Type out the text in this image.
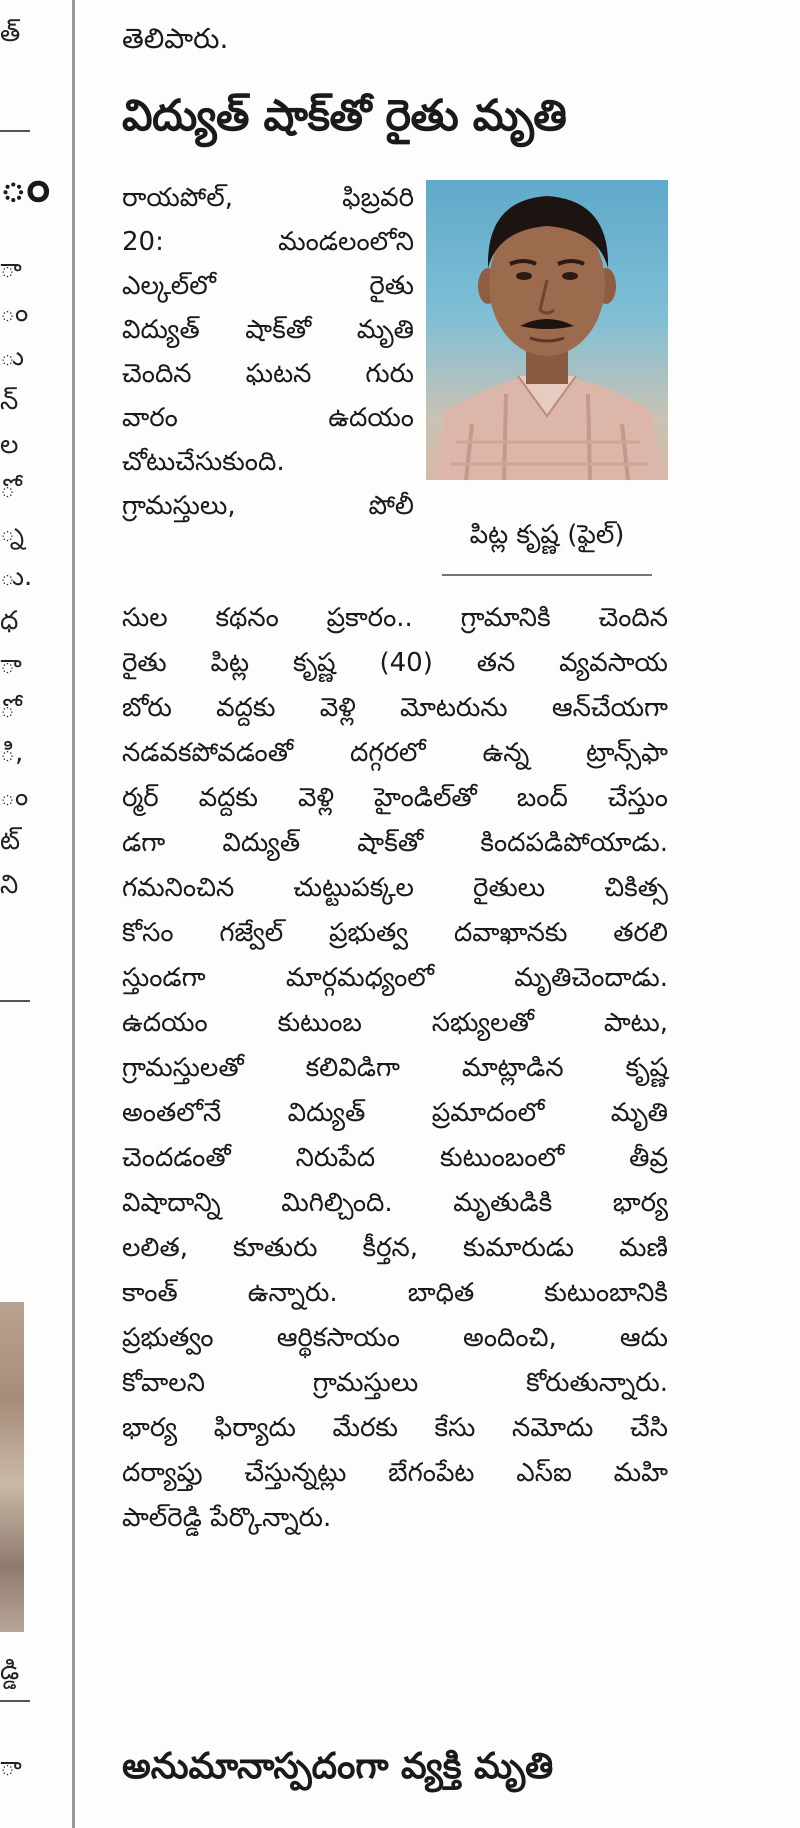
త్
ం
ా
ం
ు
న్
ల
ో
్న
ు.
ధ
ా
ో
ి,
ం
ట్
ని
డ్డి
ా
తెలిపారు.
విద్యుత్ షాక్‌తో రైతు మృతి
రాయపోల్, ఫిబ్రవరి
20: మండలంలోని
ఎల్కల్‌లో రైతు
విద్యుత్ షాక్‌తో మృతి
చెందిన ఘటన గురు
వారం ఉదయం
చోటుచేసుకుంది.
గ్రామస్తులు, పోలీ
పిట్ల కృష్ణ (ఫైల్)
సుల కథనం ప్రకారం.. గ్రామానికి చెందిన
రైతు పిట్ల కృష్ణ (40) తన వ్యవసాయ
బోరు వద్దకు వెళ్లి మోటరును ఆన్‌చేయగా
నడవకపోవడంతో దగ్గరలో ఉన్న ట్రాన్స్‌ఫా
ర్మర్ వద్దకు వెళ్లి హైండిల్‌తో బంద్ చేస్తుం
డగా విద్యుత్ షాక్‌తో కిందపడిపోయాడు.
గమనించిన చుట్టుపక్కల రైతులు చికిత్స
కోసం గజ్వేల్ ప్రభుత్వ దవాఖానకు తరలి
స్తుండగా మార్గమధ్యంలో మృతిచెందాడు.
ఉదయం కుటుంబ సభ్యులతో పాటు,
గ్రామస్తులతో కలివిడిగా మాట్లాడిన కృష్ణ
అంతలోనే విద్యుత్ ప్రమాదంలో మృతి
చెందడంతో నిరుపేద కుటుంబంలో తీవ్ర
విషాదాన్ని మిగిల్చింది. మృతుడికి భార్య
లలిత, కూతురు కీర్తన, కుమారుడు మణి
కాంత్ ఉన్నారు. బాధిత కుటుంబానికి
ప్రభుత్వం ఆర్థికసాయం అందించి, ఆదు
కోవాలని గ్రామస్తులు కోరుతున్నారు.
భార్య ఫిర్యాదు మేరకు కేసు నమోదు చేసి
దర్యాప్తు చేస్తున్నట్లు బేగంపేట ఎస్ఐ మహి
పాల్‌రెడ్డి పేర్కొన్నారు.
అనుమానాస్పదంగా వ్యక్తి మృతి
